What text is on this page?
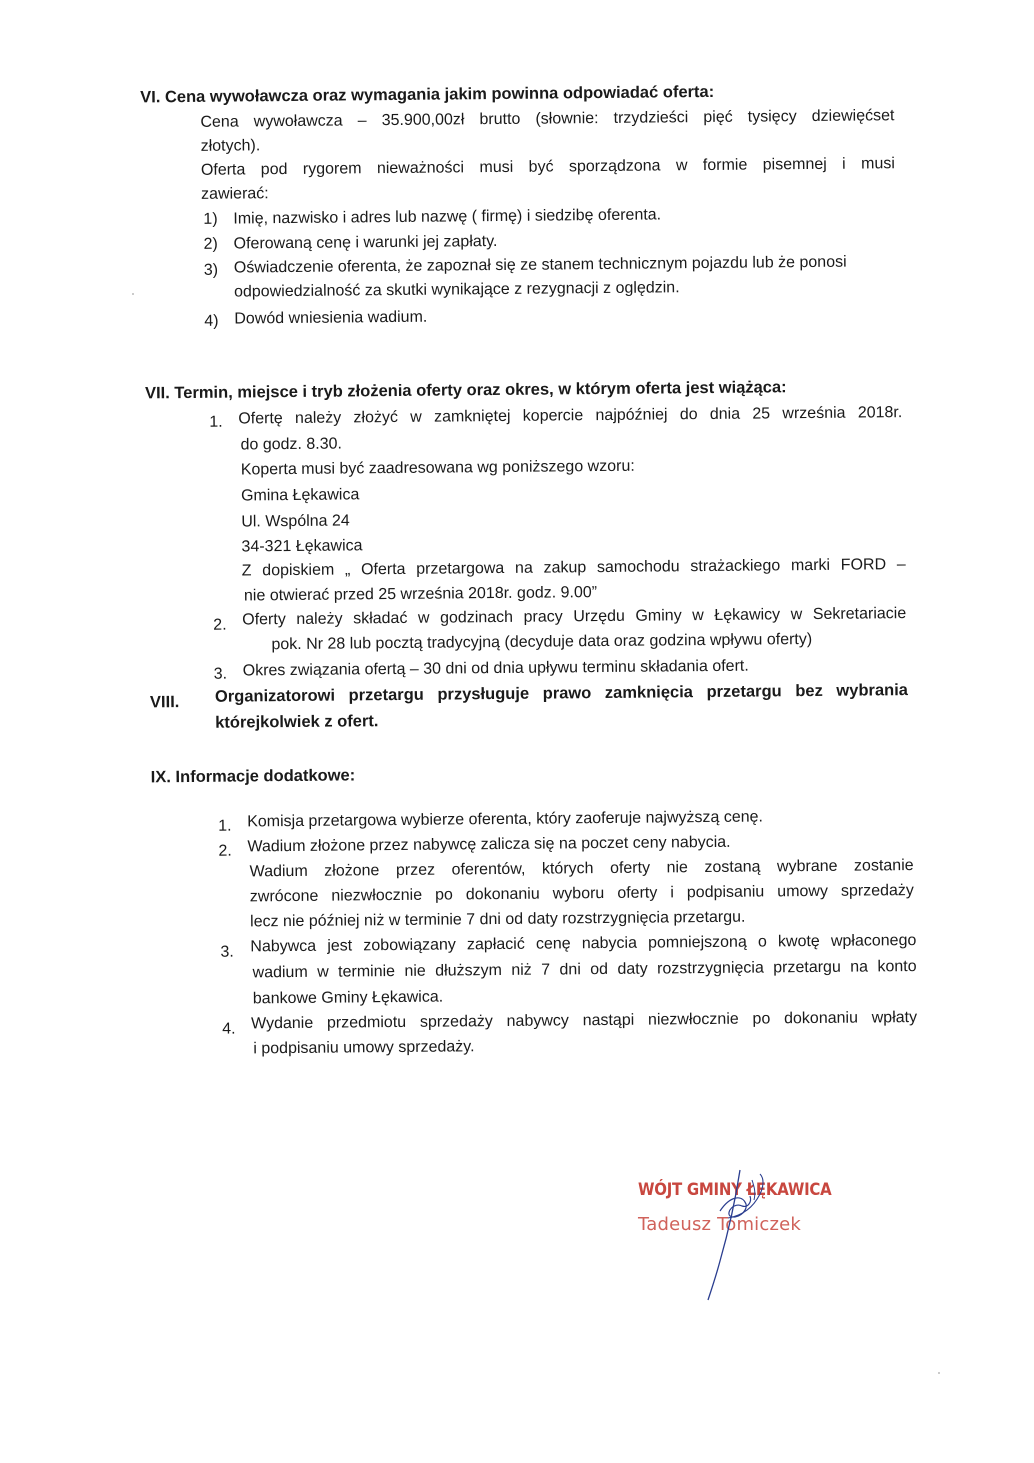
VI. Cena wywoławcza oraz wymagania jakim powinna odpowiadać oferta:
Cena wywoławcza – 35.900,00zł brutto (słownie: trzydzieści pięć tysięcy dziewięćset
złotych).
Oferta pod rygorem nieważności musi być sporządzona w formie pisemnej i musi
zawierać:
1) Imię, nazwisko i adres lub nazwę ( firmę) i siedzibę oferenta.
2) Oferowaną cenę i warunki jej zapłaty.
3) Oświadczenie oferenta, że zapoznał się ze stanem technicznym pojazdu lub że ponosi
odpowiedzialność za skutki wynikające z rezygnacji z oględzin.
4) Dowód wniesienia wadium.
VII. Termin, miejsce i tryb złożenia oferty oraz okres, w którym oferta jest wiążąca:
1. Ofertę należy złożyć w zamkniętej kopercie najpóźniej do dnia 25 września 2018r.
do godz. 8.30.
Koperta musi być zaadresowana wg poniższego wzoru:
Gmina Łękawica
Ul. Wspólna 24
34-321 Łękawica
Z dopiskiem „ Oferta przetargowa na zakup samochodu strażackiego marki FORD –
nie otwierać przed 25 września 2018r. godz. 9.00”
2. Oferty należy składać w godzinach pracy Urzędu Gminy w Łękawicy w Sekretariacie
pok. Nr 28 lub pocztą tradycyjną (decyduje data oraz godzina wpływu oferty)
3. Okres związania ofertą – 30 dni od dnia upływu terminu składania ofert.
VIII. Organizatorowi przetargu przysługuje prawo zamknięcia przetargu bez wybrania
którejkolwiek z ofert.
IX. Informacje dodatkowe:
1. Komisja przetargowa wybierze oferenta, który zaoferuje najwyższą cenę.
2. Wadium złożone przez nabywcę zalicza się na poczet ceny nabycia.
Wadium złożone przez oferentów, których oferty nie zostaną wybrane zostanie
zwrócone niezwłocznie po dokonaniu wyboru oferty i podpisaniu umowy sprzedaży
lecz nie później niż w terminie 7 dni od daty rozstrzygnięcia przetargu.
3. Nabywca jest zobowiązany zapłacić cenę nabycia pomniejszoną o kwotę wpłaconego
wadium w terminie nie dłuższym niż 7 dni od daty rozstrzygnięcia przetargu na konto
bankowe Gminy Łękawica.
4. Wydanie przedmiotu sprzedaży nabywcy nastąpi niezwłocznie po dokonaniu wpłaty
i podpisaniu umowy sprzedaży.
WÓJT GMINY ŁĘKAWICA
Tadeusz Tomiczek
